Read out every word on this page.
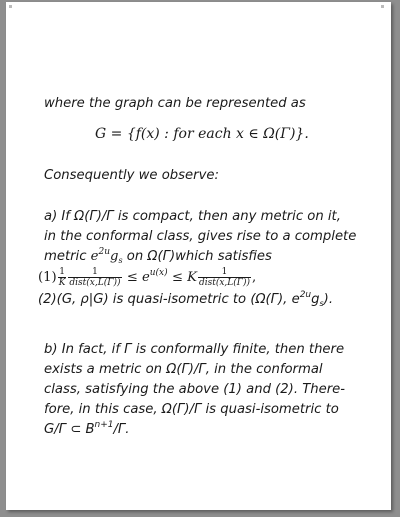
where the graph can be represented as
G = {f(x) : for each x ∈ Ω(Γ)}.
Consequently we observe:
a) If Ω(Γ)/Γ is compact, then any metric on it,
in the conformal class, gives rise to a complete
metric $e^{2u}g_s$ on Ω(Γ)which satisfies
$(1) \frac{1}{K} \frac{1}{\text{dist(x,L(Γ))}} \le e^{u(x)} \le K \frac{1}{\text{dist(x,L(Γ))}}$ ,
(2)(G, ρ|G) is quasi-isometric to (Ω(Γ), $e^{2u}g_s$).
b) In fact, if Γ is conformally finite, then there
exists a metric on Ω(Γ)/Γ, in the conformal
class, satisfying the above (1) and (2). There-
fore, in this case, Ω(Γ)/Γ is quasi-isometric to
G/Γ ⊂ $B^{n+1}/\Gamma$.
